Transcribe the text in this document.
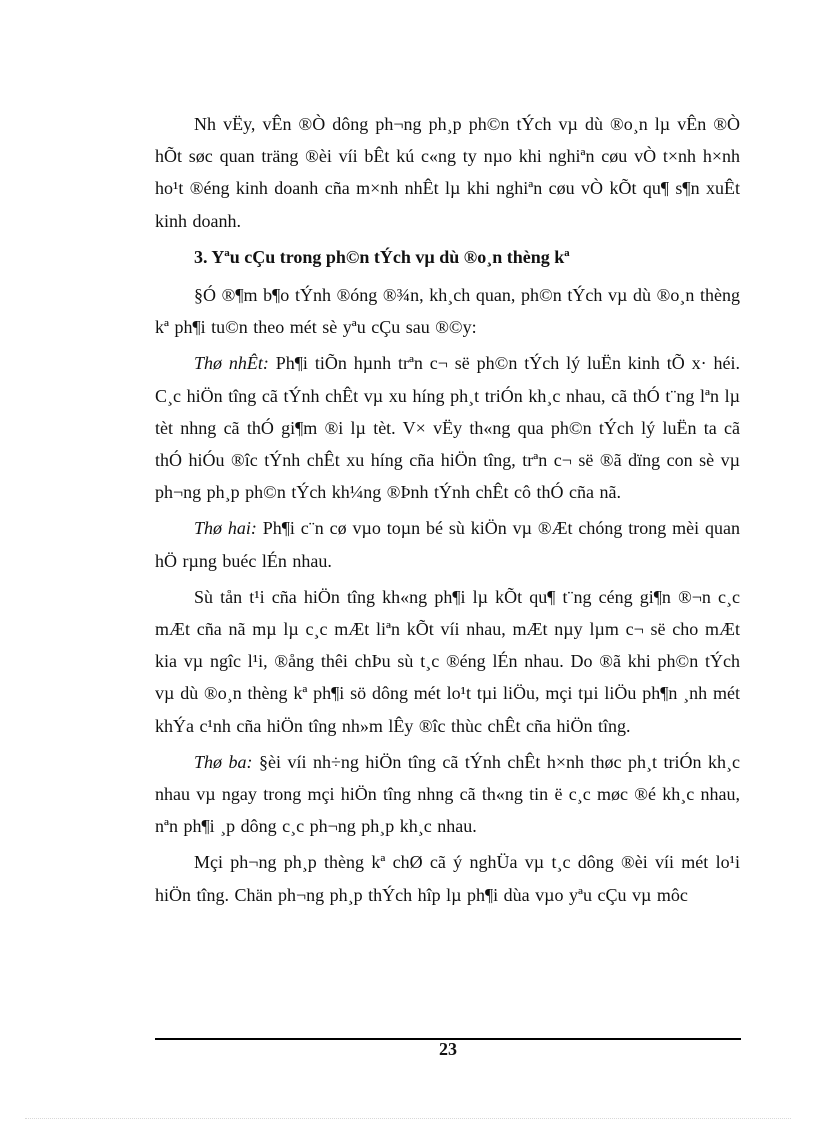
Nh vËy, vÊn ®Ò dông ph¬ng ph¸p ph©n tÝch vµ dù ®o¸n lµ vÊn ®Ò hÕt søc quan träng ®èi víi bÊt kú c«ng ty nµo khi nghiªn cøu vÒ t×nh h×nh ho¹t ®éng kinh doanh cña m×nh nhÊt lµ khi nghiªn cøu vÒ kÕt qu¶ s¶n xuÊt kinh doanh.

3. Yªu cÇu trong ph©n tÝch vµ dù ®o¸n thèng kª

§Ó ®¶m b¶o tÝnh ®óng ®¾n, kh¸ch quan, ph©n tÝch vµ dù ®o¸n thèng kª ph¶i tu©n theo mét sè yªu cÇu sau ®©y:

Thø nhÊt: Ph¶i tiÕn hµnh trªn c¬ së ph©n tÝch lý luËn kinh tÕ x· héi. C¸c hiÖn tîng cã tÝnh chÊt vµ xu híng ph¸t triÓn kh¸c nhau, cã thÓ t¨ng lªn lµ tèt nhng cã thÓ gi¶m ®i lµ tèt. V× vËy th«ng qua ph©n tÝch lý luËn ta cã thÓ hiÓu ®îc tÝnh chÊt xu híng cña hiÖn tîng, trªn c¬ së ®ã dïng con sè vµ ph¬ng ph¸p ph©n tÝch kh¼ng ®Þnh tÝnh chÊt cô thÓ cña nã.

Thø hai: Ph¶i c¨n cø vµo toµn bé sù kiÖn vµ ®Æt chóng trong mèi quan hÖ rµng buéc lÉn nhau.

Sù tån t¹i cña hiÖn tîng kh«ng ph¶i lµ kÕt qu¶ t¨ng céng gi¶n ®¬n c¸c mÆt cña nã mµ lµ c¸c mÆt liªn kÕt víi nhau, mÆt nµy lµm c¬ së cho mÆt kia vµ ngîc l¹i, ®ång thêi chÞu sù t¸c ®éng lÉn nhau. Do ®ã khi ph©n tÝch vµ dù ®o¸n thèng kª ph¶i sö dông mét lo¹t tµi liÖu, mçi tµi liÖu ph¶n ¸nh mét khÝa c¹nh cña hiÖn tîng nh»m lÊy ®îc thùc chÊt cña hiÖn tîng.

Thø ba: §èi víi nh÷ng hiÖn tîng cã tÝnh chÊt h×nh thøc ph¸t triÓn kh¸c nhau vµ ngay trong mçi hiÖn tîng nhng cã th«ng tin ë c¸c møc ®é kh¸c nhau, nªn ph¶i ¸p dông c¸c ph¬ng ph¸p kh¸c nhau.

Mçi ph¬ng ph¸p thèng kª chØ cã ý nghÜa vµ t¸c dông ®èi víi mét lo¹i hiÖn tîng. Chän ph¬ng ph¸p thÝch hîp lµ ph¶i dùa vµo yªu cÇu vµ môc

23
